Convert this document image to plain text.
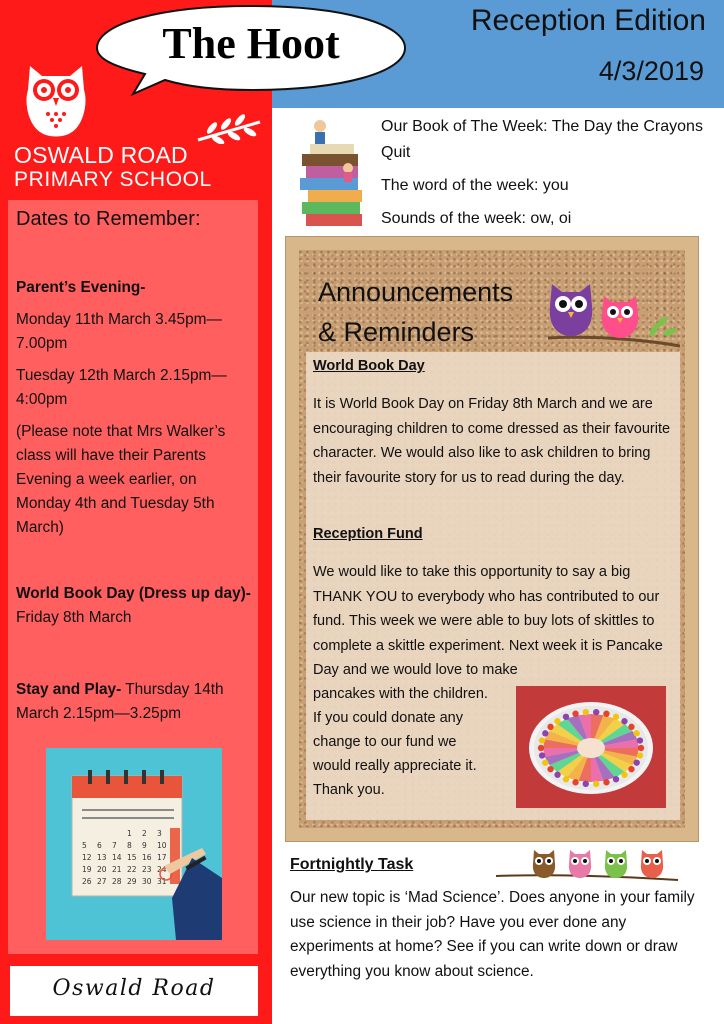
The Hoot	Reception Edition
4/3/2019
OSWALD ROAD
PRIMARY SCHOOL
Dates to Remember:
Parent’s Evening-
Monday 11th March 3.45pm—7.00pm
Tuesday 12th March 2.15pm—4:00pm
(Please note that Mrs Walker’s class will have their Parents Evening a week earlier, on Monday 4th and Tuesday 5th March)
World Book Day (Dress up day)- Friday 8th March
Stay and Play- Thursday 14th March 2.15pm—3.25pm
1 2 3
5 6 7 8 9 10
12 13 14 15 16 17
19 20 21 22 23 24
26 27 28 29 30 31
Oswald Road
Our Book of The Week: The Day the Crayons Quit
The word of the week: you
Sounds of the week: ow, oi
Announcements
& Reminders
World Book Day
It is World Book Day on Friday 8th March and we are encouraging children to come dressed as their favourite character. We would also like to ask children to bring their favourite story for us to read during the day.
Reception Fund
We would like to take this opportunity to say a big THANK YOU to everybody who has contributed to our fund. This week we were able to buy lots of skittles to complete a skittle experiment. Next week it is Pancake Day and we would love to make
pancakes with the children.
If you could donate any
change to our fund we
would really appreciate it.
Thank you.
Fortnightly Task
Our new topic is ‘Mad Science’. Does anyone in your family use science in their job? Have you ever done any experiments at home? See if you can write down or draw everything you know about science.
